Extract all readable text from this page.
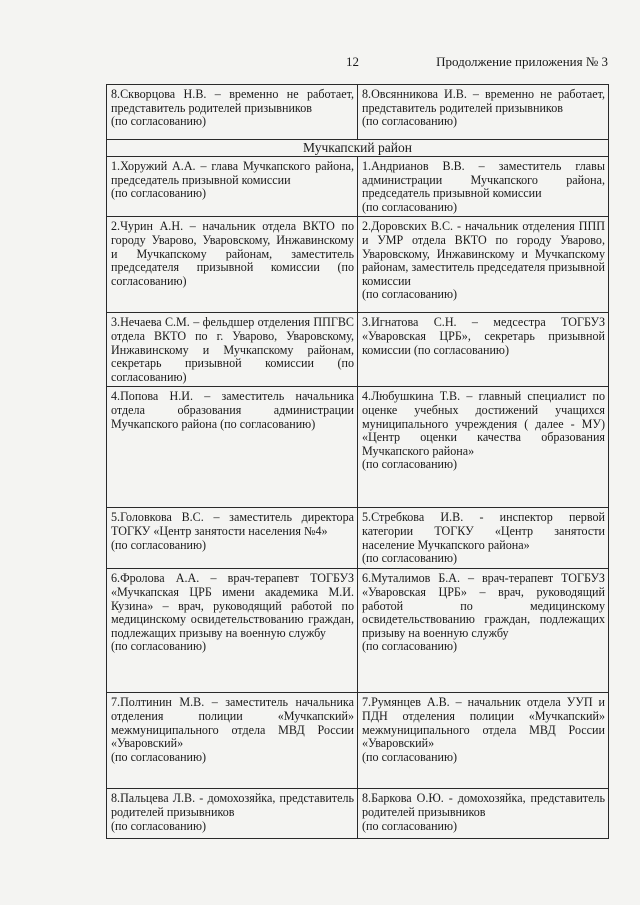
12	Продолжение приложения № 3
8.Скворцова Н.В. – временно не работает, представитель родителей призывников
(по согласованию)	8.Овсянникова И.В. – временно не работает, представитель родителей призывников
(по согласованию)

Мучкапский район	

1.Хоружий А.А. – глава Мучкапского района, председатель призывной комиссии
(по согласованию)	1.Андрианов В.В. – заместитель главы администрации Мучкапского района, председатель призывной комиссии
(по согласованию)

2.Чурин А.Н. – начальник отдела ВКТО по городу Уварово, Уваровскому, Инжавинскому и Мучкапскому районам, заместитель председателя призывной комиссии (по согласованию)	2.Доровских В.С. - начальник отделения ППП и УМР отдела ВКТО по городу Уварово, Уваровскому, Инжавинскому и Мучкапскому районам, заместитель председателя призывной комиссии
(по согласованию)

3.Нечаева С.М. – фельдшер отделения ППГВС отдела ВКТО по г. Уварово, Уваровскому, Инжавинскому и Мучкапскому районам, секретарь призывной комиссии (по согласованию)	3.Игнатова С.Н. – медсестра ТОГБУЗ «Уваровская ЦРБ», секретарь призывной комиссии (по согласованию)

4.Попова Н.И. – заместитель начальника отдела образования администрации Мучкапского района (по согласованию)	4.Любушкина Т.В. – главный специалист по оценке учебных достижений учащихся муниципального учреждения ( далее - МУ) «Центр оценки качества образования Мучкапского района»
(по согласованию)

5.Головкова В.С. – заместитель директора ТОГКУ «Центр занятости населения №4»
(по согласованию)	5.Стребкова И.В. - инспектор первой категории ТОГКУ «Центр занятости население Мучкапского района»
(по согласованию)

6.Фролова А.А. – врач-терапевт ТОГБУЗ «Мучкапская ЦРБ имени академика М.И. Кузина» – врач, руководящий работой по медицинскому освидетельствованию граждан, подлежащих призыву на военную службу
(по согласованию)	6.Муталимов Б.А. – врач-терапевт ТОГБУЗ «Уваровская ЦРБ» – врач, руководящий работой по медицинскому освидетельствованию граждан, подлежащих призыву на военную службу
(по согласованию)

7.Полтинин М.В. – заместитель начальника отделения полиции «Мучкапский» межмуниципального отдела МВД России «Уваровский»
(по согласованию)	7.Румянцев А.В. – начальник отдела УУП и ПДН отделения полиции «Мучкапский» межмуниципального отдела МВД России «Уваровский»
(по согласованию)

8.Пальцева Л.В. - домохозяйка, представитель родителей призывников
(по согласованию)	8.Баркова О.Ю. - домохозяйка, представитель родителей призывников
(по согласованию)
